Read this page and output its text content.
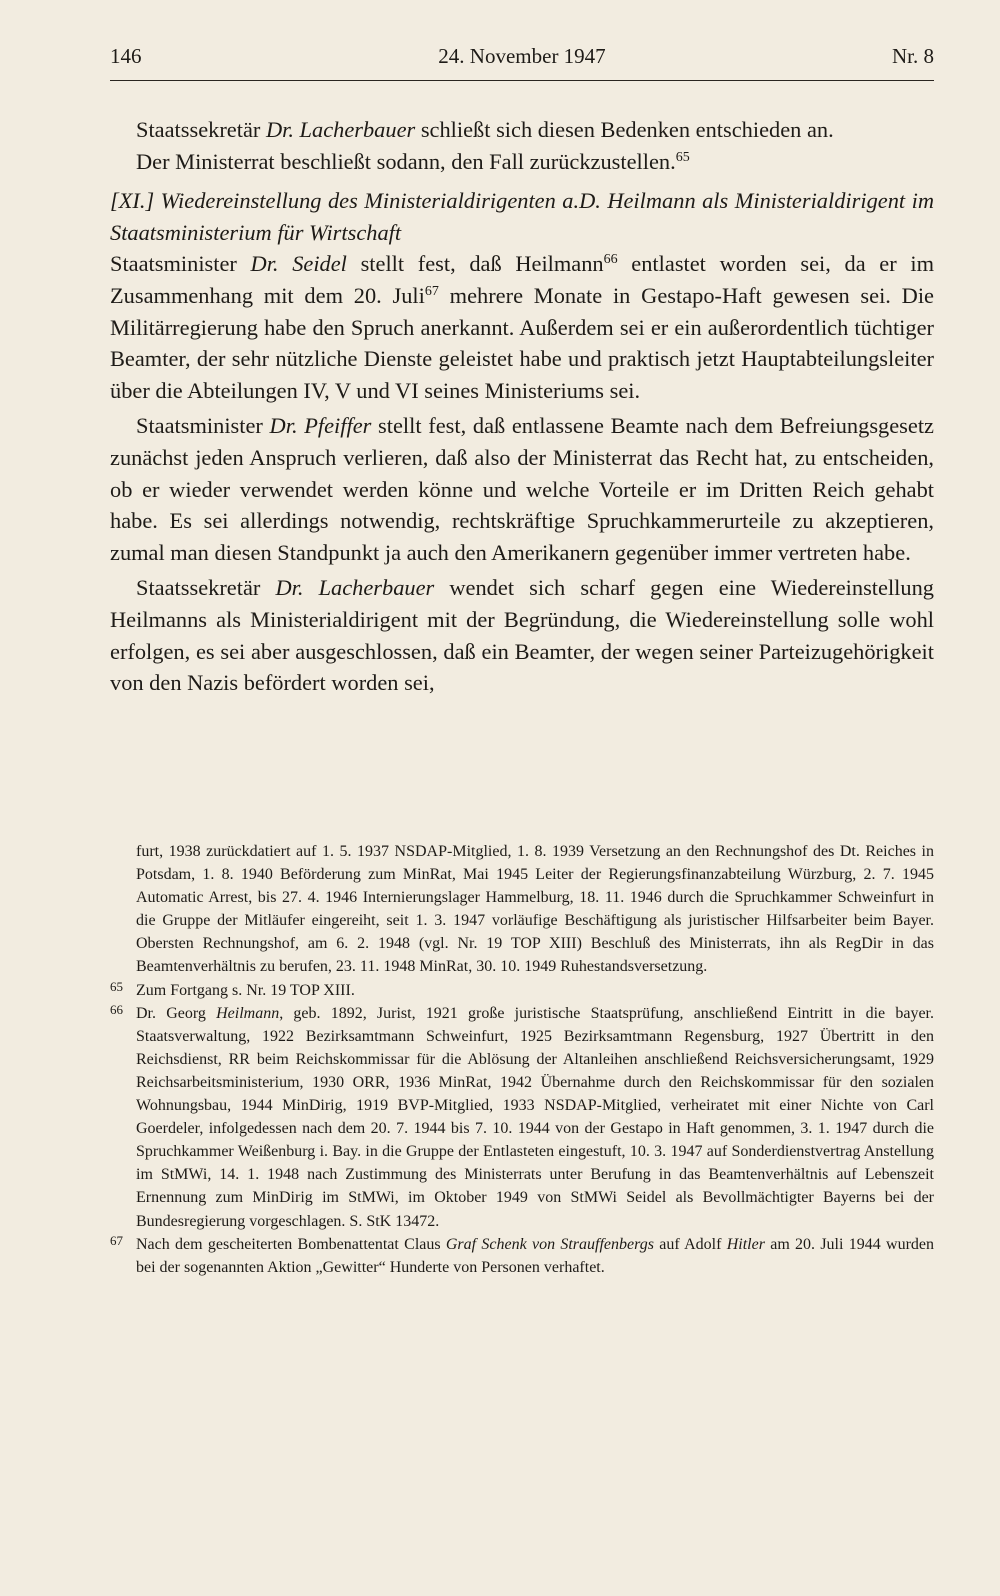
146	24. November 1947	Nr. 8

Staatssekretär Dr. Lacherbauer schließt sich diesen Bedenken entschieden an.

Der Ministerrat beschließt sodann, den Fall zurückzustellen.$^{65}$

[XI.] Wiedereinstellung des Ministerialdirigenten a.D. Heilmann als Ministerialdirigent im Staatsministerium für Wirtschaft

Staatsminister Dr. Seidel stellt fest, daß Heilmann$^{66}$ entlastet worden sei, da er im Zusammenhang mit dem 20. Juli$^{67}$ mehrere Monate in Gestapo-Haft gewesen sei. Die Militärregierung habe den Spruch anerkannt. Außerdem sei er ein außerordentlich tüchtiger Beamter, der sehr nützliche Dienste geleistet habe und praktisch jetzt Hauptabteilungsleiter über die Abteilungen IV, V und VI seines Ministeriums sei.

Staatsminister Dr. Pfeiffer stellt fest, daß entlassene Beamte nach dem Befreiungsgesetz zunächst jeden Anspruch verlieren, daß also der Ministerrat das Recht hat, zu entscheiden, ob er wieder verwendet werden könne und welche Vorteile er im Dritten Reich gehabt habe. Es sei allerdings notwendig, rechtskräftige Spruchkammerurteile zu akzeptieren, zumal man diesen Standpunkt ja auch den Amerikanern gegenüber immer vertreten habe.

Staatssekretär Dr. Lacherbauer wendet sich scharf gegen eine Wiedereinstellung Heilmanns als Ministerialdirigent mit der Begründung, die Wiedereinstellung solle wohl erfolgen, es sei aber ausgeschlossen, daß ein Beamter, der wegen seiner Parteizugehörigkeit von den Nazis befördert worden sei,

furt, 1938 zurückdatiert auf 1. 5. 1937 NSDAP-Mitglied, 1. 8. 1939 Versetzung an den Rechnungshof des Dt. Reiches in Potsdam, 1. 8. 1940 Beförderung zum MinRat, Mai 1945 Leiter der Regierungsfinanzabteilung Würzburg, 2. 7. 1945 Automatic Arrest, bis 27. 4. 1946 Internierungslager Hammelburg, 18. 11. 1946 durch die Spruchkammer Schweinfurt in die Gruppe der Mitläufer eingereiht, seit 1. 3. 1947 vorläufige Beschäftigung als juristischer Hilfsarbeiter beim Bayer. Obersten Rechnungshof, am 6. 2. 1948 (vgl. Nr. 19 TOP XIII) Beschluß des Ministerrats, ihn als RegDir in das Beamtenverhältnis zu berufen, 23. 11. 1948 MinRat, 30. 10. 1949 Ruhestandsversetzung.

65 Zum Fortgang s. Nr. 19 TOP XIII.

66 Dr. Georg Heilmann, geb. 1892, Jurist, 1921 große juristische Staatsprüfung, anschließend Eintritt in die bayer. Staatsverwaltung, 1922 Bezirksamtmann Schweinfurt, 1925 Bezirksamtmann Regensburg, 1927 Übertritt in den Reichsdienst, RR beim Reichskommissar für die Ablösung der Altanleihen anschließend Reichsversicherungsamt, 1929 Reichsarbeitsministerium, 1930 ORR, 1936 MinRat, 1942 Übernahme durch den Reichskommissar für den sozialen Wohnungsbau, 1944 MinDirig, 1919 BVP-Mitglied, 1933 NSDAP-Mitglied, verheiratet mit einer Nichte von Carl Goerdeler, infolgedessen nach dem 20. 7. 1944 bis 7. 10. 1944 von der Gestapo in Haft genommen, 3. 1. 1947 durch die Spruchkammer Weißenburg i. Bay. in die Gruppe der Entlasteten eingestuft, 10. 3. 1947 auf Sonderdienstvertrag Anstellung im StMWi, 14. 1. 1948 nach Zustimmung des Ministerrats unter Berufung in das Beamtenverhältnis auf Lebenszeit Ernennung zum MinDirig im StMWi, im Oktober 1949 von StMWi Seidel als Bevollmächtigter Bayerns bei der Bundesregierung vorgeschlagen. S. StK 13472.

67 Nach dem gescheiterten Bombenattentat Claus Graf Schenk von Strauffenbergs auf Adolf Hitler am 20. Juli 1944 wurden bei der sogenannten Aktion „Gewitter“ Hunderte von Personen verhaftet.
